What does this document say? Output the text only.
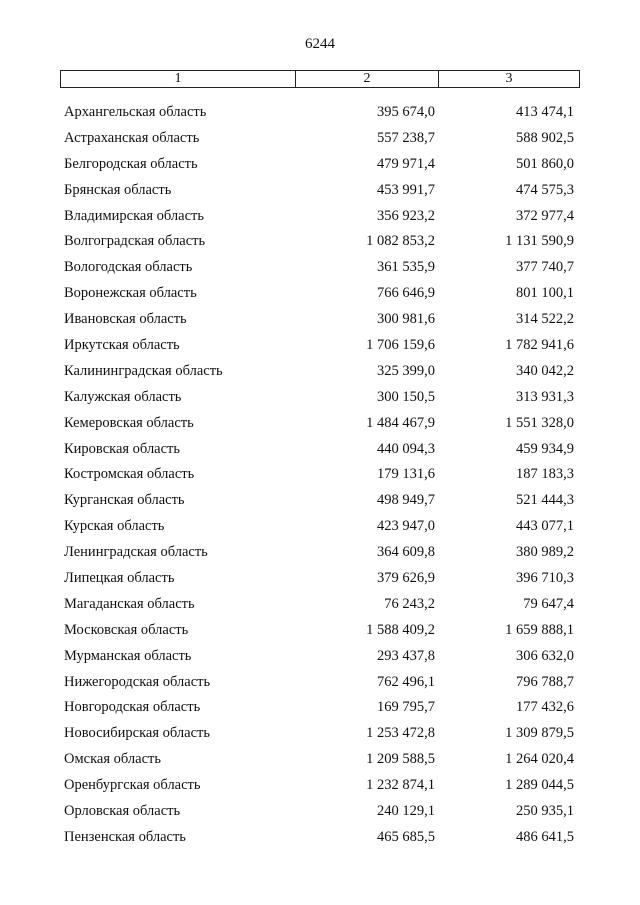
6244
1	2	3
Архангельская область	395 674,0	413 474,1
Астраханская область	557 238,7	588 902,5
Белгородская область	479 971,4	501 860,0
Брянская область	453 991,7	474 575,3
Владимирская область	356 923,2	372 977,4
Волгоградская область	1 082 853,2	1 131 590,9
Вологодская область	361 535,9	377 740,7
Воронежская область	766 646,9	801 100,1
Ивановская область	300 981,6	314 522,2
Иркутская область	1 706 159,6	1 782 941,6
Калининградская область	325 399,0	340 042,2
Калужская область	300 150,5	313 931,3
Кемеровская область	1 484 467,9	1 551 328,0
Кировская область	440 094,3	459 934,9
Костромская область	179 131,6	187 183,3
Курганская область	498 949,7	521 444,3
Курская область	423 947,0	443 077,1
Ленинградская область	364 609,8	380 989,2
Липецкая область	379 626,9	396 710,3
Магаданская область	76 243,2	79 647,4
Московская область	1 588 409,2	1 659 888,1
Мурманская область	293 437,8	306 632,0
Нижегородская область	762 496,1	796 788,7
Новгородская область	169 795,7	177 432,6
Новосибирская область	1 253 472,8	1 309 879,5
Омская область	1 209 588,5	1 264 020,4
Оренбургская область	1 232 874,1	1 289 044,5
Орловская область	240 129,1	250 935,1
Пензенская область	465 685,5	486 641,5
